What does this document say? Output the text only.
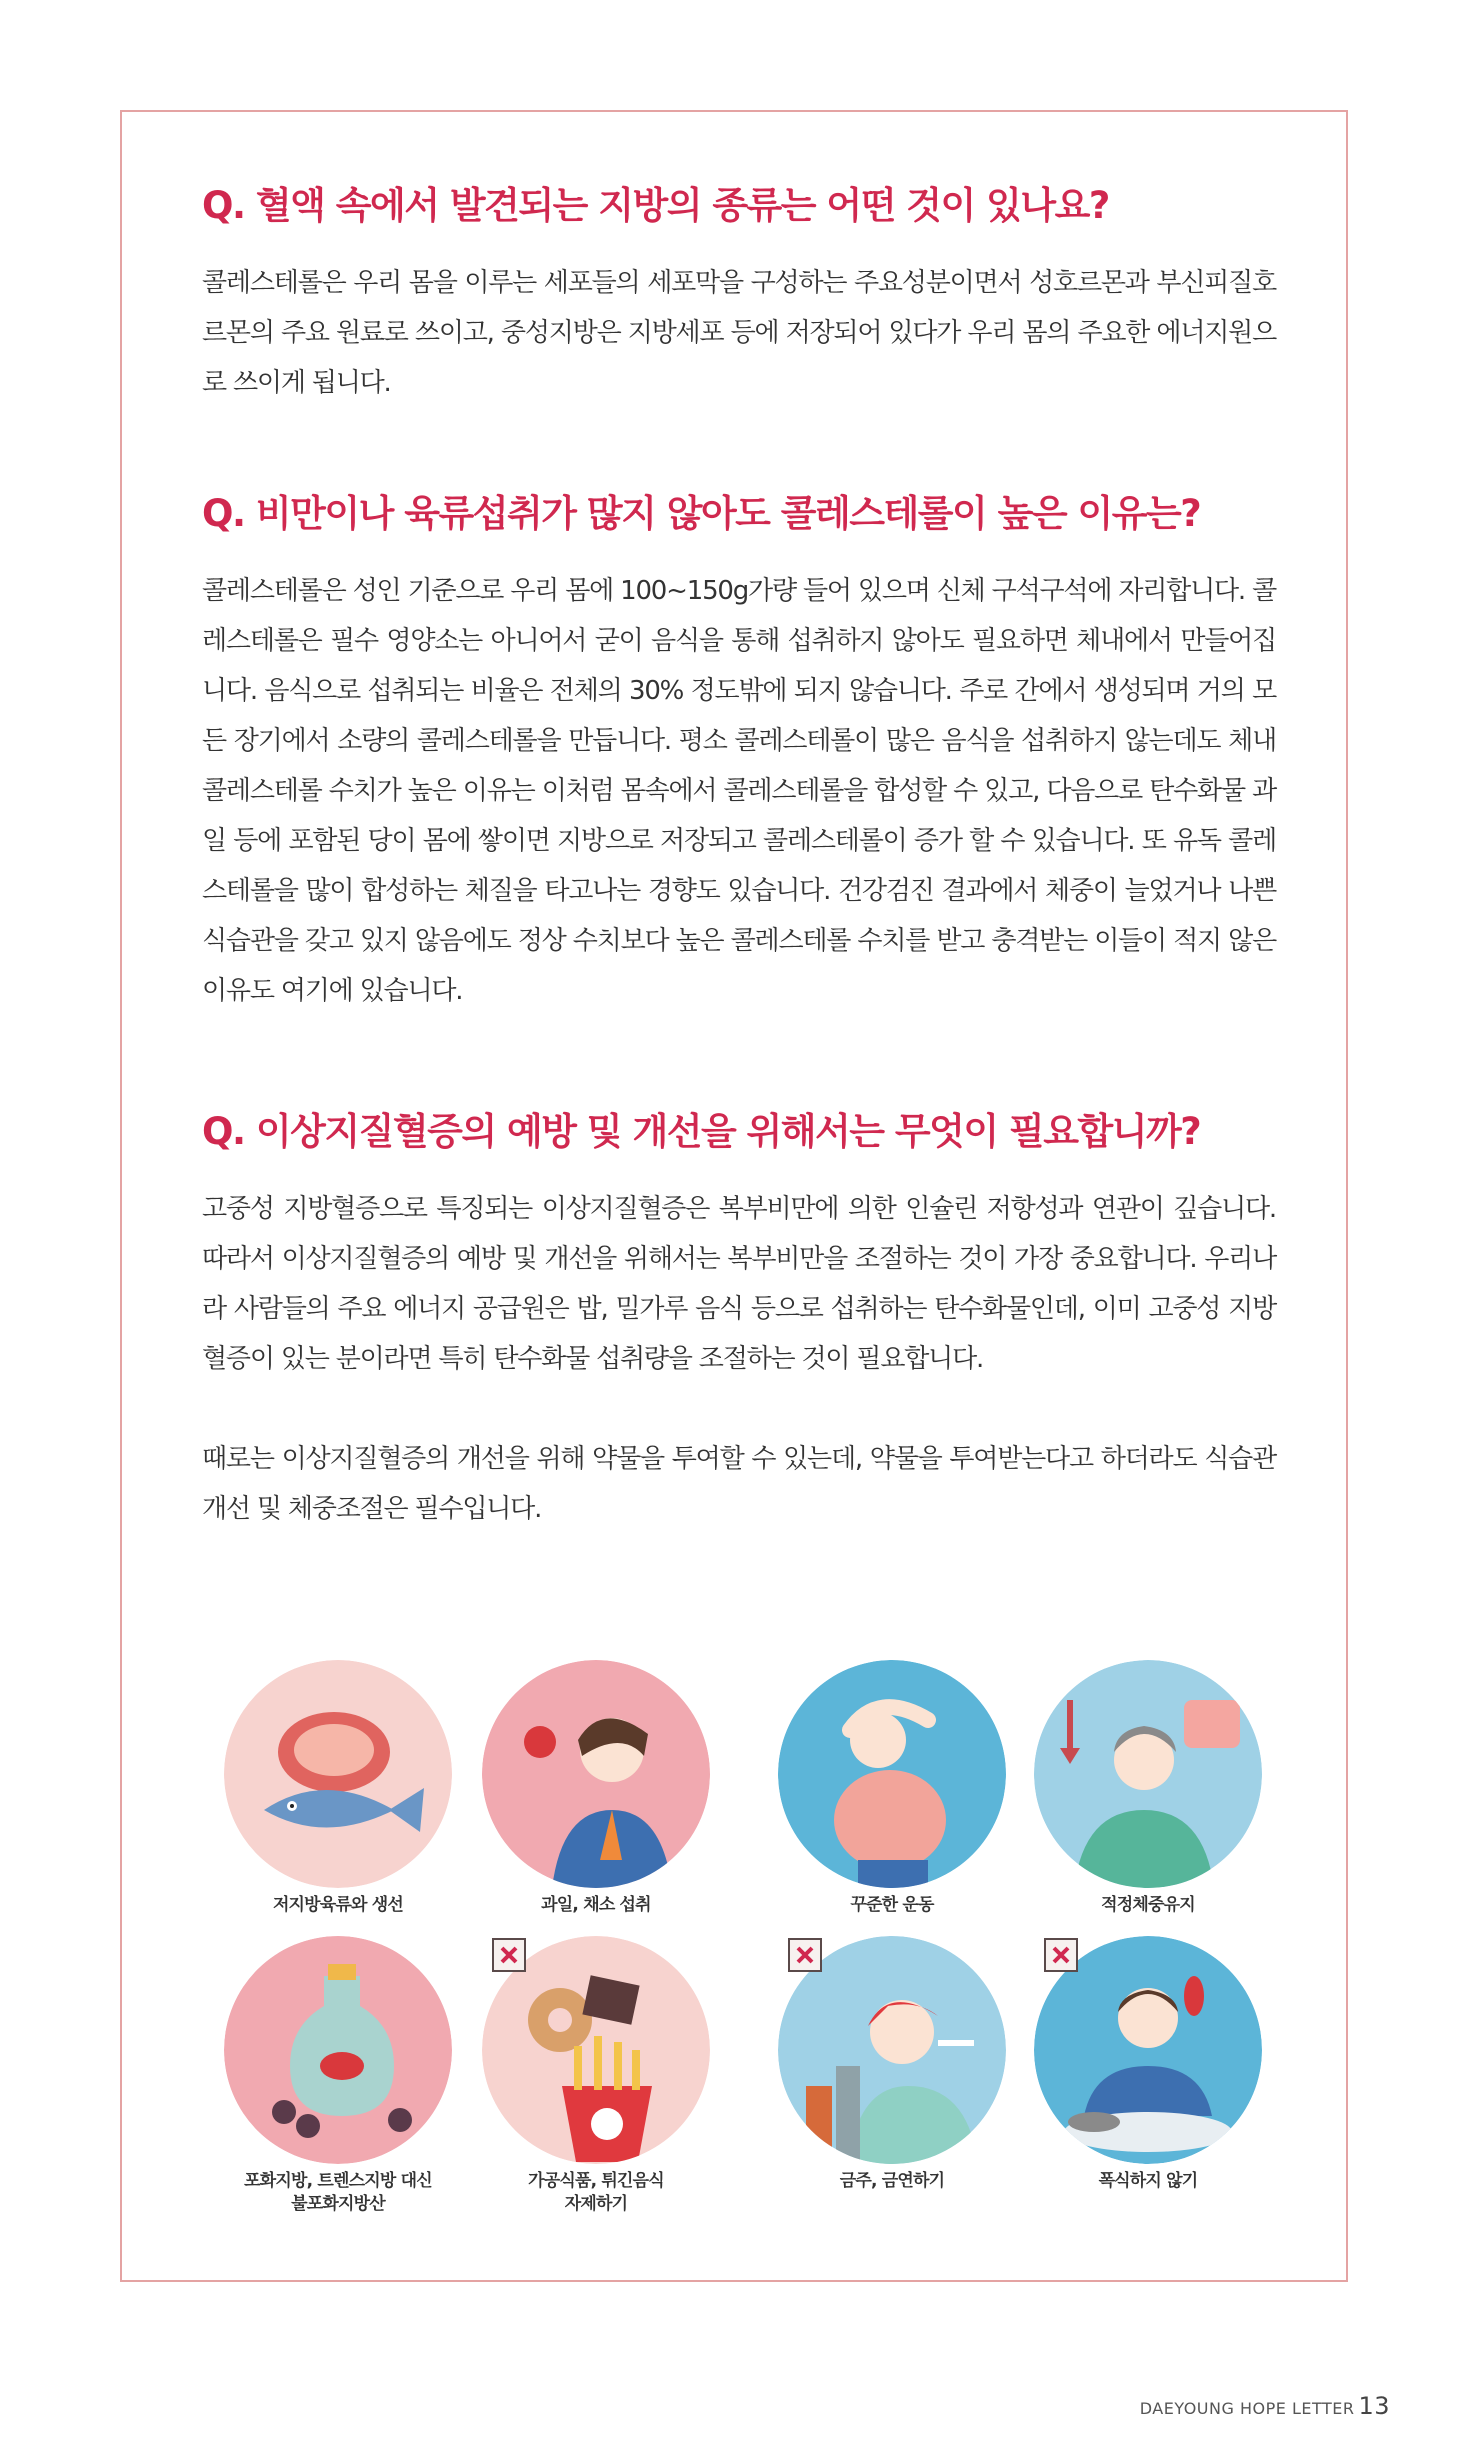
Q. 혈액 속에서 발견되는 지방의 종류는 어떤 것이 있나요?

콜레스테롤은 우리 몸을 이루는 세포들의 세포막을 구성하는 주요성분이면서 성호르몬과 부신피질호르몬의 주요 원료로 쓰이고, 중성지방은 지방세포 등에 저장되어 있다가 우리 몸의 주요한 에너지원으로 쓰이게 됩니다.

Q. 비만이나 육류섭취가 많지 않아도 콜레스테롤이 높은 이유는?

콜레스테롤은 성인 기준으로 우리 몸에 100~150g가량 들어 있으며 신체 구석구석에 자리합니다. 콜레스테롤은 필수 영양소는 아니어서 굳이 음식을 통해 섭취하지 않아도 필요하면 체내에서 만들어집니다. 음식으로 섭취되는 비율은 전체의 30% 정도밖에 되지 않습니다. 주로 간에서 생성되며 거의 모든 장기에서 소량의 콜레스테롤을 만듭니다. 평소 콜레스테롤이 많은 음식을 섭취하지 않는데도 체내 콜레스테롤 수치가 높은 이유는 이처럼 몸속에서 콜레스테롤을 합성할 수 있고, 다음으로 탄수화물 과일 등에 포함된 당이 몸에 쌓이면 지방으로 저장되고 콜레스테롤이 증가 할 수 있습니다. 또 유독 콜레스테롤을 많이 합성하는 체질을 타고나는 경향도 있습니다. 건강검진 결과에서 체중이 늘었거나 나쁜 식습관을 갖고 있지 않음에도 정상 수치보다 높은 콜레스테롤 수치를 받고 충격받는 이들이 적지 않은 이유도 여기에 있습니다.

Q. 이상지질혈증의 예방 및 개선을 위해서는 무엇이 필요합니까?

고중성 지방혈증으로 특징되는 이상지질혈증은 복부비만에 의한 인슐린 저항성과 연관이 깊습니다. 따라서 이상지질혈증의 예방 및 개선을 위해서는 복부비만을 조절하는 것이 가장 중요합니다. 우리나라 사람들의 주요 에너지 공급원은 밥, 밀가루 음식 등으로 섭취하는 탄수화물인데, 이미 고중성 지방혈증이 있는 분이라면 특히 탄수화물 섭취량을 조절하는 것이 필요합니다.

때로는 이상지질혈증의 개선을 위해 약물을 투여할 수 있는데, 약물을 투여받는다고 하더라도 식습관 개선 및 체중조절은 필수입니다.

저지방육류와 생선	과일, 채소 섭취	꾸준한 운동	적정체중유지
포화지방, 트렌스지방 대신
불포화지방산
가공식품, 튀긴음식
자제하기
금주, 금연하기	폭식하지 않기
DAEYOUNG HOPE LETTER 13
